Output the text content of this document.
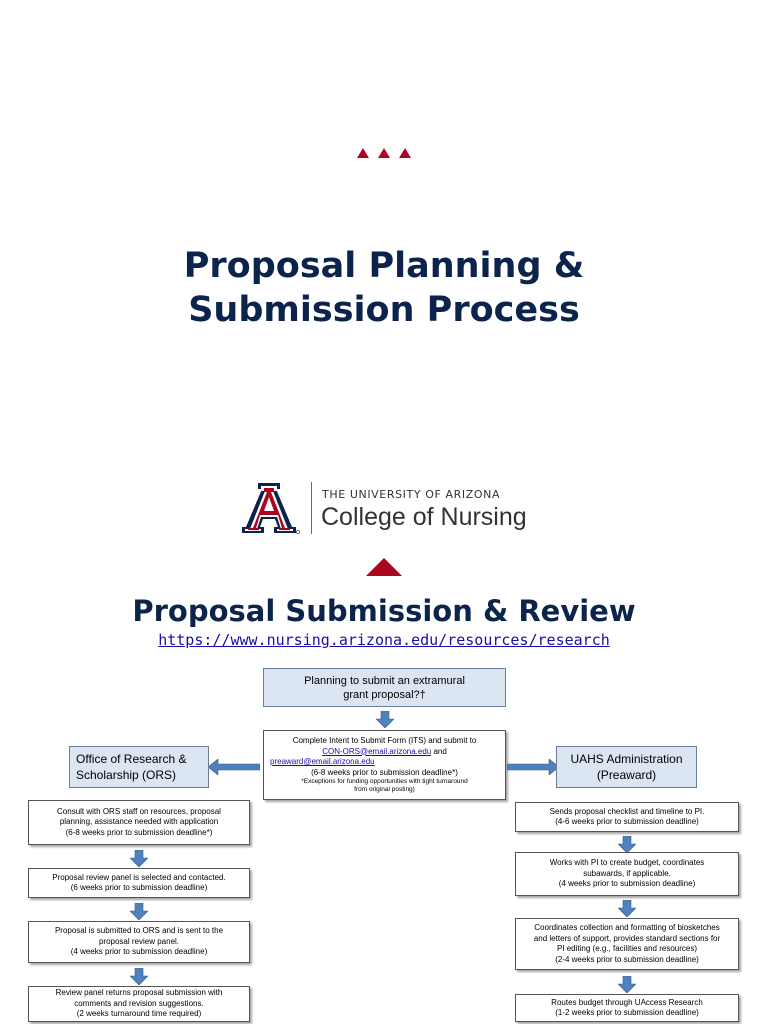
Proposal Planning &
Submission Process
THE UNIVERSITY OF ARIZONA
College of Nursing
Proposal Submission & Review
https://www.nursing.arizona.edu/resources/research
Planning to submit an extramural
grant proposal?†
Complete Intent to Submit Form (ITS) and submit to
CON-ORS@email.arizona.edu and
preaward@email.arizona.edu
(6-8 weeks prior to submission deadline*)
*Exceptions for funding opportunities with tight turnaround
from original posting)
Office of Research &
Scholarship (ORS)
UAHS Administration
(Preaward)
Consult with ORS staff on resources, proposal
planning, assistance needed with application
(6-8 weeks prior to submission deadline*)
Proposal review panel is selected and contacted.
(6 weeks prior to submission deadline)
Proposal is submitted to ORS and is sent to the
proposal review panel.
(4 weeks prior to submission deadline)
Review panel returns proposal submission with
comments and revision suggestions.
(2 weeks turnaround time required)
Sends proposal checklist and timeline to PI.
(4-6 weeks prior to submission deadline)
Works with PI to create budget, coordinates
subawards, if applicable.
(4 weeks prior to submission deadline)
Coordinates collection and formatting of biosketches
and letters of support, provides standard sections for
PI editing (e.g., facilities and resources)
(2-4 weeks prior to submission deadline)
Routes budget through UAccess Research
(1-2 weeks prior to submission deadline)
